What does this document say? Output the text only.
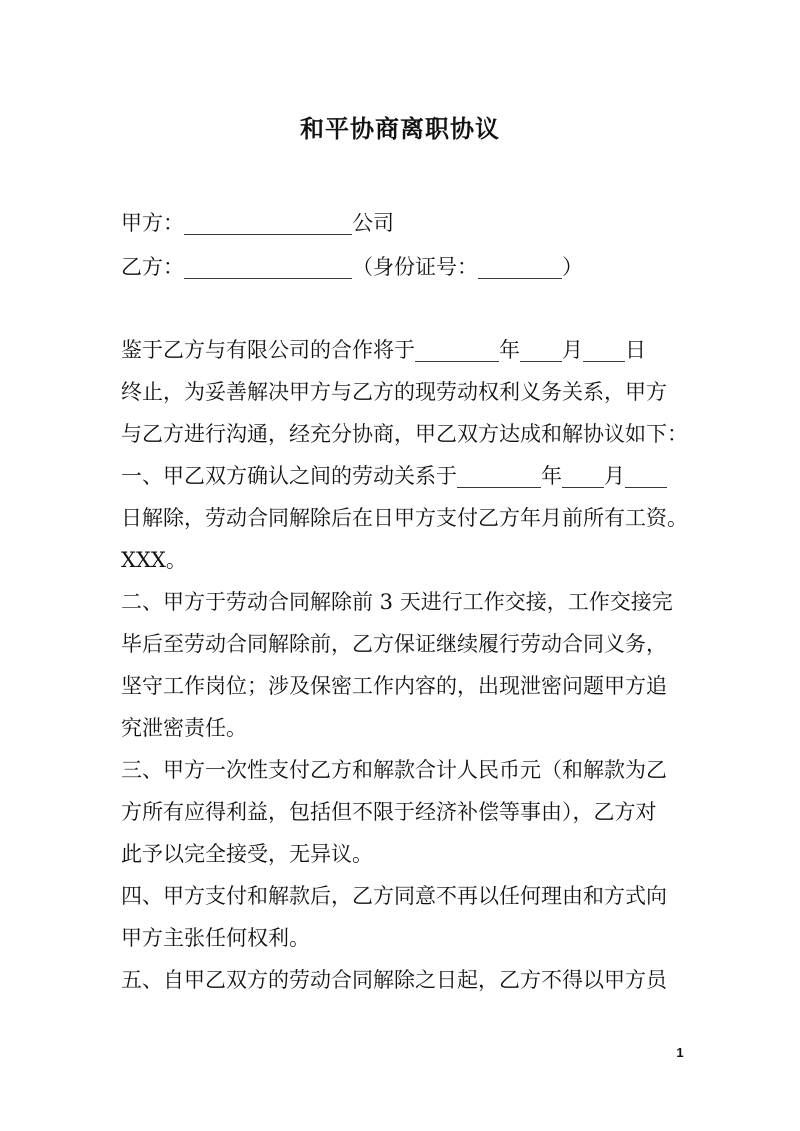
和平协商离职协议
甲方：________________公司
乙方：________________（身份证号：________）
鉴于乙方与有限公司的合作将于________年____月____日
终止，为妥善解决甲方与乙方的现劳动权利义务关系，甲方
与乙方进行沟通，经充分协商，甲乙双方达成和解协议如下：
一、甲乙双方确认之间的劳动关系于________年____月____
日解除，劳动合同解除后在日甲方支付乙方年月前所有工资。
XXX。
二、甲方于劳动合同解除前 3 天进行工作交接，工作交接完
毕后至劳动合同解除前，乙方保证继续履行劳动合同义务，
坚守工作岗位；涉及保密工作内容的，出现泄密问题甲方追
究泄密责任。
三、甲方一次性支付乙方和解款合计人民币元（和解款为乙
方所有应得利益，包括但不限于经济补偿等事由），乙方对
此予以完全接受，无异议。
四、甲方支付和解款后，乙方同意不再以任何理由和方式向
甲方主张任何权利。
五、自甲乙双方的劳动合同解除之日起，乙方不得以甲方员
1
